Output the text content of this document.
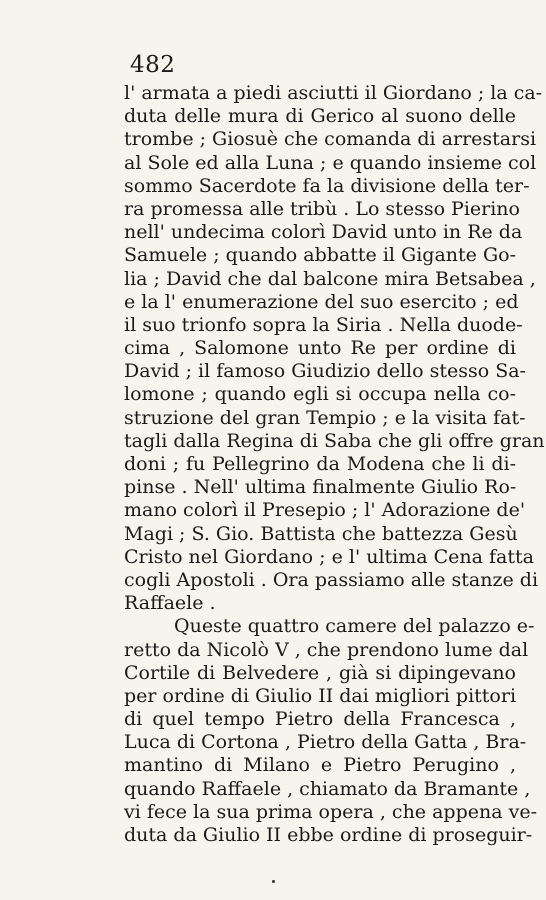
482
l' armata a piedi asciutti il Giordano ; la ca-
duta delle mura di Gerico al suono delle
trombe ; Giosuè che comanda di arrestarsi
al Sole ed alla Luna ; e quando insieme col
sommo Sacerdote fa la divisione della ter-
ra promessa alle tribù . Lo stesso Pierino
nell' undecima colorì David unto in Re da
Samuele ; quando abbatte il Gigante Go-
lia ; David che dal balcone mira Betsabea ,
e la l' enumerazione del suo esercito ; ed
il suo trionfo sopra la Siria . Nella duode-
cima , Salomone unto Re per ordine di
David ; il famoso Giudizio dello stesso Sa-
lomone ; quando egli si occupa nella co-
struzione del gran Tempio ; e la visita fat-
tagli dalla Regina di Saba che gli offre gran
doni ; fu Pellegrino da Modena che li di-
pinse . Nell' ultima finalmente Giulio Ro-
mano colorì il Presepio ; l' Adorazione de'
Magi ; S. Gio. Battista che battezza Gesù
Cristo nel Giordano ; e l' ultima Cena fatta
cogli Apostoli . Ora passiamo alle stanze di
Raffaele .
Queste quattro camere del palazzo e-
retto da Nicolò V , che prendono lume dal
Cortile di Belvedere , già si dipingevano
per ordine di Giulio II dai migliori pittori
di quel tempo Pietro della Francesca ,
Luca di Cortona , Pietro della Gatta , Bra-
mantino di Milano e Pietro Perugino ,
quando Raffaele , chiamato da Bramante ,
vi fece la sua prima opera , che appena ve-
duta da Giulio II ebbe ordine di proseguir-
